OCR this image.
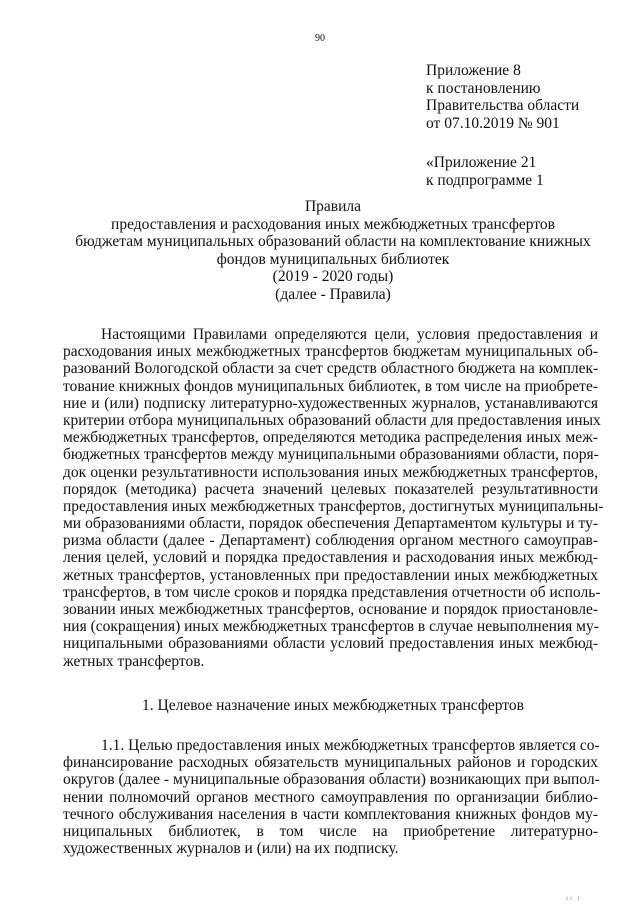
90
Приложение 8
к постановлению
Правительства области
от 07.10.2019 № 901
«Приложение 21
к подпрограмме 1
Правила
предоставления и расходования иных межбюджетных трансфертов
бюджетам муниципальных образований области на комплектование книжных
фондов муниципальных библиотек
(2019 - 2020 годы)
(далее - Правила)
Настоящими Правилами определяются цели, условия предоставления и
расходования иных межбюджетных трансфертов бюджетам муниципальных об-
разований Вологодской области за счет средств областного бюджета на комплек-
тование книжных фондов муниципальных библиотек, в том числе на приобрете-
ние и (или) подписку литературно-художественных журналов, устанавливаются
критерии отбора муниципальных образований области для предоставления иных
межбюджетных трансфертов, определяются методика распределения иных меж-
бюджетных трансфертов между муниципальными образованиями области, поря-
док оценки результативности использования иных межбюджетных трансфертов,
порядок (методика) расчета значений целевых показателей результативности
предоставления иных межбюджетных трансфертов, достигнутых муниципальны-
ми образованиями области, порядок обеспечения Департаментом культуры и ту-
ризма области (далее - Департамент) соблюдения органом местного самоуправ-
ления целей, условий и порядка предоставления и расходования иных межбюд-
жетных трансфертов, установленных при предоставлении иных межбюджетных
трансфертов, в том числе сроков и порядка представления отчетности об исполь-
зовании иных межбюджетных трансфертов, основание и порядок приостановле-
ния (сокращения) иных межбюджетных трансфертов в случае невыполнения му-
ниципальными образованиями области условий предоставления иных межбюд-
жетных трансфертов.
1. Целевое назначение иных межбюджетных трансфертов
1.1. Целью предоставления иных межбюджетных трансфертов является со-
финансирование расходных обязательств муниципальных районов и городских
округов (далее - муниципальные образования области) возникающих при выпол-
нении полномочий органов местного самоуправления по организации библио-
течного обслуживания населения в части комплектования книжных фондов му-
ниципальных библиотек, в том числе на приобретение литературно-
художественных журналов и (или) на их подписку.
ıı ı
